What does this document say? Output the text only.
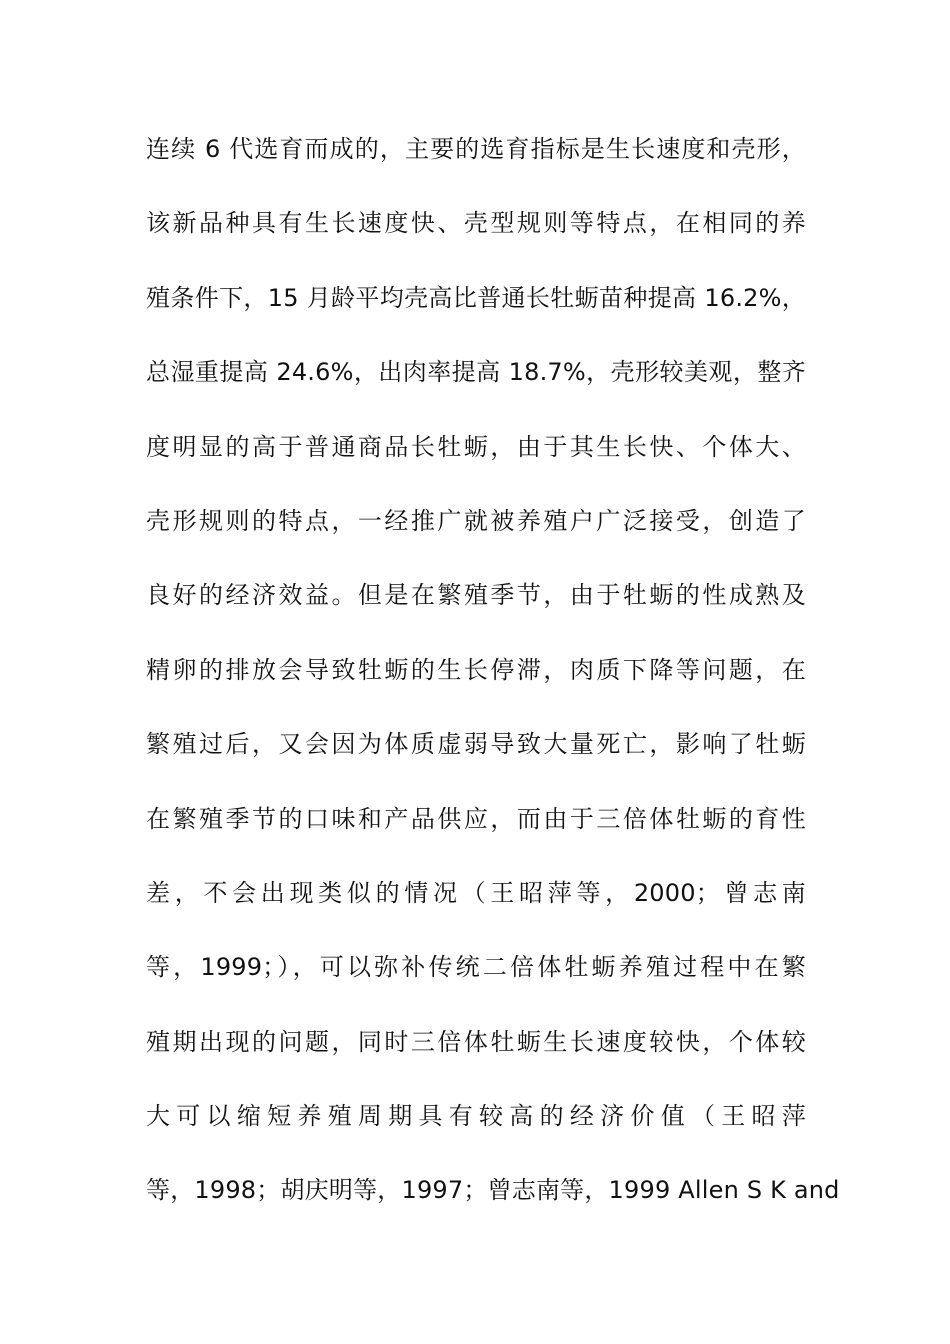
连续 6 代选育而成的，主要的选育指标是生长速度和壳形，
该新品种具有生长速度快、壳型规则等特点，在相同的养
殖条件下，15 月龄平均壳高比普通长牡蛎苗种提高 16.2%，
总湿重提高 24.6%，出肉率提高 18.7%，壳形较美观，整齐
度明显的高于普通商品长牡蛎，由于其生长快、个体大、
壳形规则的特点，一经推广就被养殖户广泛接受，创造了
良好的经济效益。但是在繁殖季节，由于牡蛎的性成熟及
精卵的排放会导致牡蛎的生长停滞，肉质下降等问题，在
繁殖过后，又会因为体质虚弱导致大量死亡，影响了牡蛎
在繁殖季节的口味和产品供应，而由于三倍体牡蛎的育性
差，不会出现类似的情况（王昭萍等，2000；曾志南
等，1999；），可以弥补传统二倍体牡蛎养殖过程中在繁
殖期出现的问题，同时三倍体牡蛎生长速度较快，个体较
大可以缩短养殖周期具有较高的经济价值（王昭萍
等，1998；胡庆明等，1997；曾志南等，1999 Allen S K and
